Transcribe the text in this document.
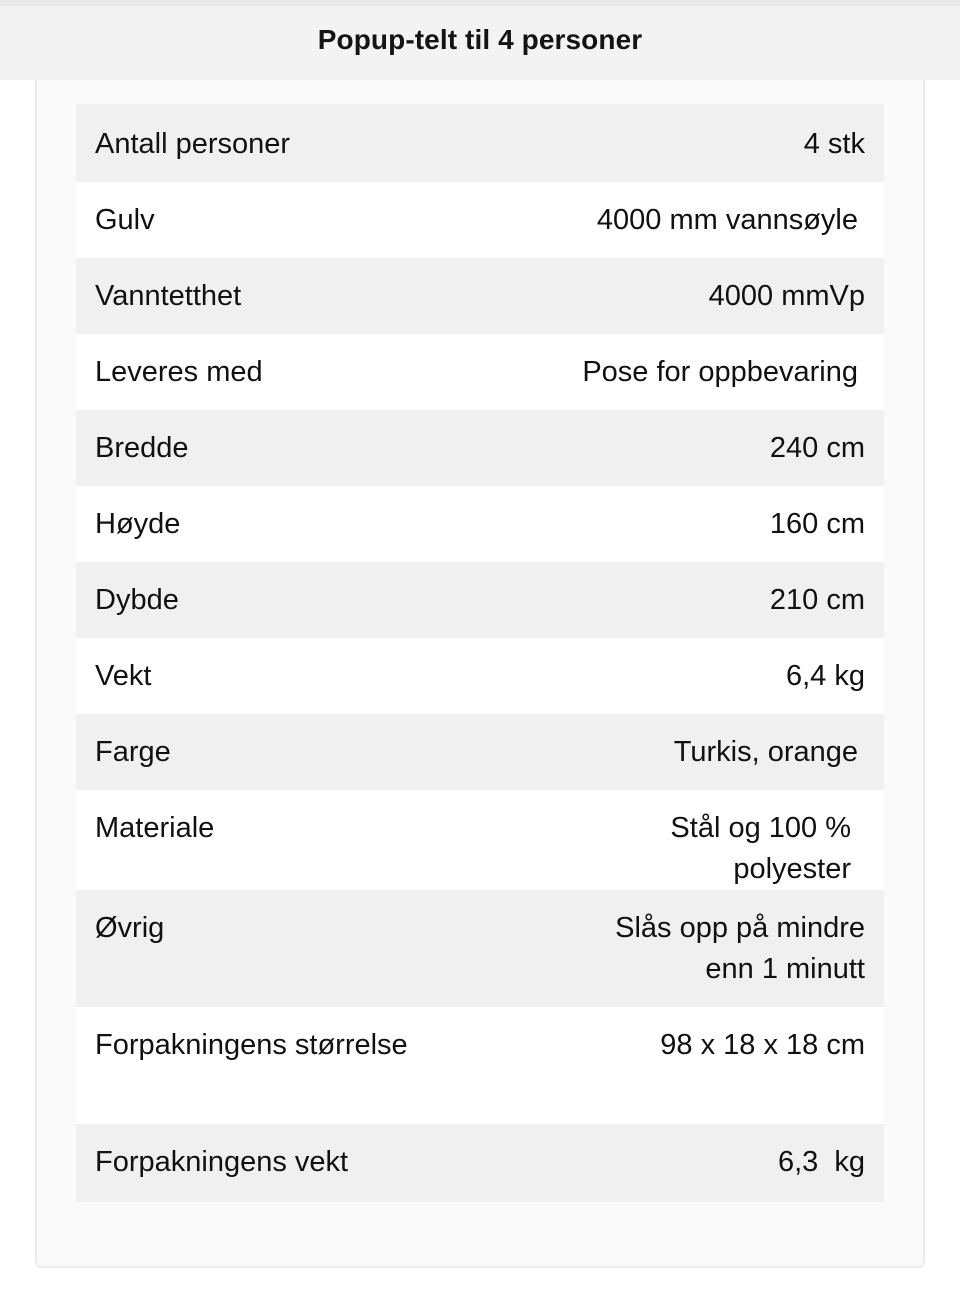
Popup-telt til 4 personer
Antall personer	4 stk
Gulv	4000 mm vannsøyle
Vanntetthet	4000 mmVp
Leveres med	Pose for oppbevaring
Bredde	240 cm
Høyde	160 cm
Dybde	210 cm
Vekt	6,4 kg
Farge	Turkis, orange
Materiale	Stål og 100 % polyester
Øvrig	Slås opp på mindre enn 1 minutt
Forpakningens størrelse	98 x 18 x 18 cm
Forpakningens vekt	6,3  kg
